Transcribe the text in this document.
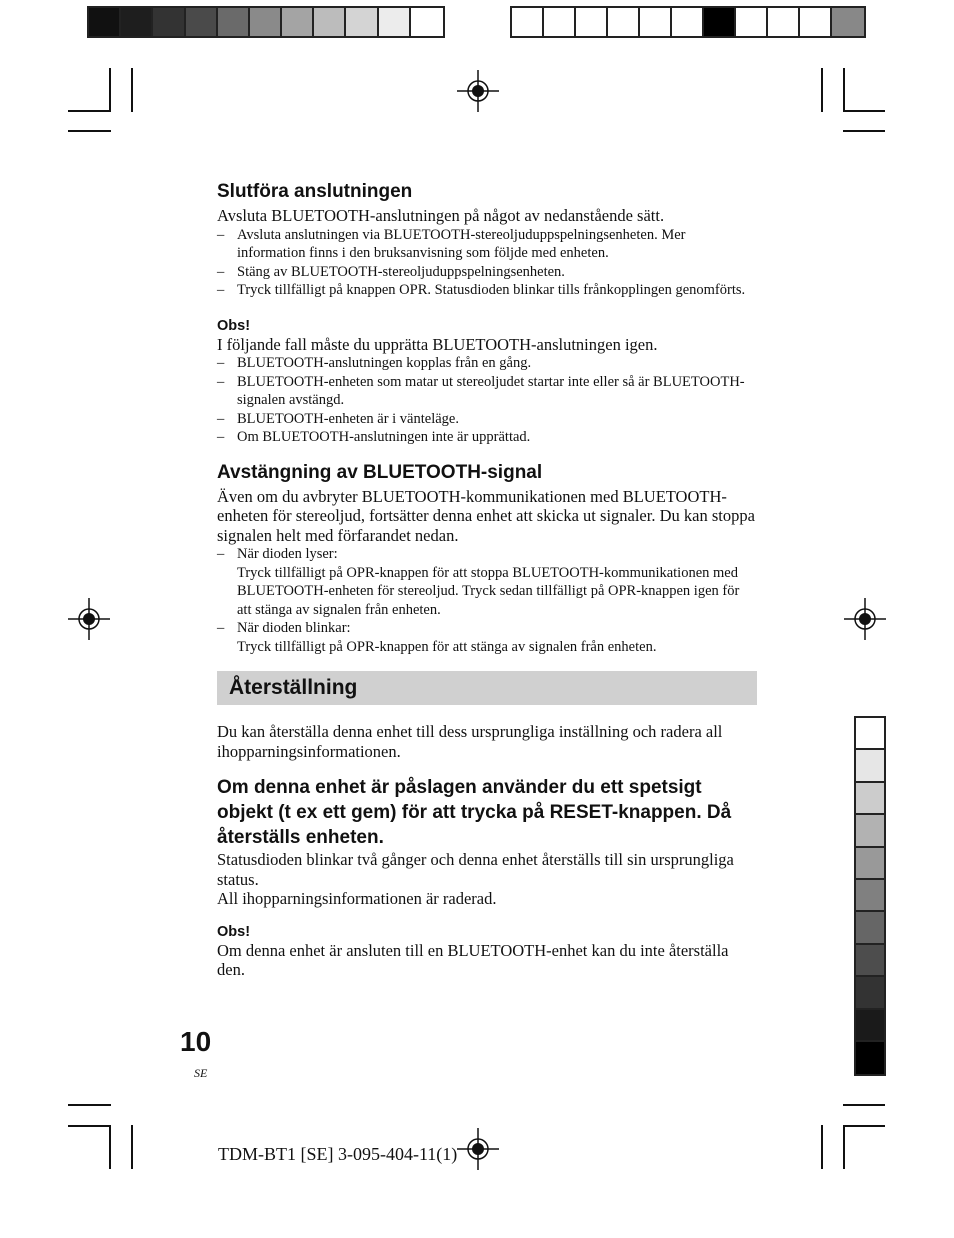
Slutföra anslutningen

Avsluta BLUETOOTH-anslutningen på något av nedanstående sätt.

– Avsluta anslutningen via BLUETOOTH-stereoljuduppspelningsenheten. Mer information finns i den bruksanvisning som följde med enheten.
– Stäng av BLUETOOTH-stereoljuduppspelningsenheten.
– Tryck tillfälligt på knappen OPR. Statusdioden blinkar tills frånkopplingen genomförts.

Obs!

I följande fall måste du upprätta BLUETOOTH-anslutningen igen.

– BLUETOOTH-anslutningen kopplas från en gång.
– BLUETOOTH-enheten som matar ut stereoljudet startar inte eller så är BLUETOOTH-signalen avstängd.
– BLUETOOTH-enheten är i vänteläge.
– Om BLUETOOTH-anslutningen inte är upprättad.
Avstängning av BLUETOOTH-signal

Även om du avbryter BLUETOOTH-kommunikationen med BLUETOOTH-enheten för stereoljud, fortsätter denna enhet att skicka ut signaler. Du kan stoppa signalen helt med förfarandet nedan.

– När dioden lyser:
Tryck tillfälligt på OPR-knappen för att stoppa BLUETOOTH-kommunikationen med BLUETOOTH-enheten för stereoljud. Tryck sedan tillfälligt på OPR-knappen igen för att stänga av signalen från enheten.
– När dioden blinkar:
Tryck tillfälligt på OPR-knappen för att stänga av signalen från enheten.
Återställning

Du kan återställa denna enhet till dess ursprungliga inställning och radera all ihopparningsinformationen.

Om denna enhet är påslagen använder du ett spetsigt objekt (t ex ett gem) för att trycka på RESET-knappen. Då återställs enheten.

Statusdioden blinkar två gånger och denna enhet återställs till sin ursprungliga status.

All ihopparningsinformationen är raderad.

Obs!

Om denna enhet är ansluten till en BLUETOOTH-enhet kan du inte återställa den.

10
SE
TDM-BT1 [SE] 3-095-404-11(1)
